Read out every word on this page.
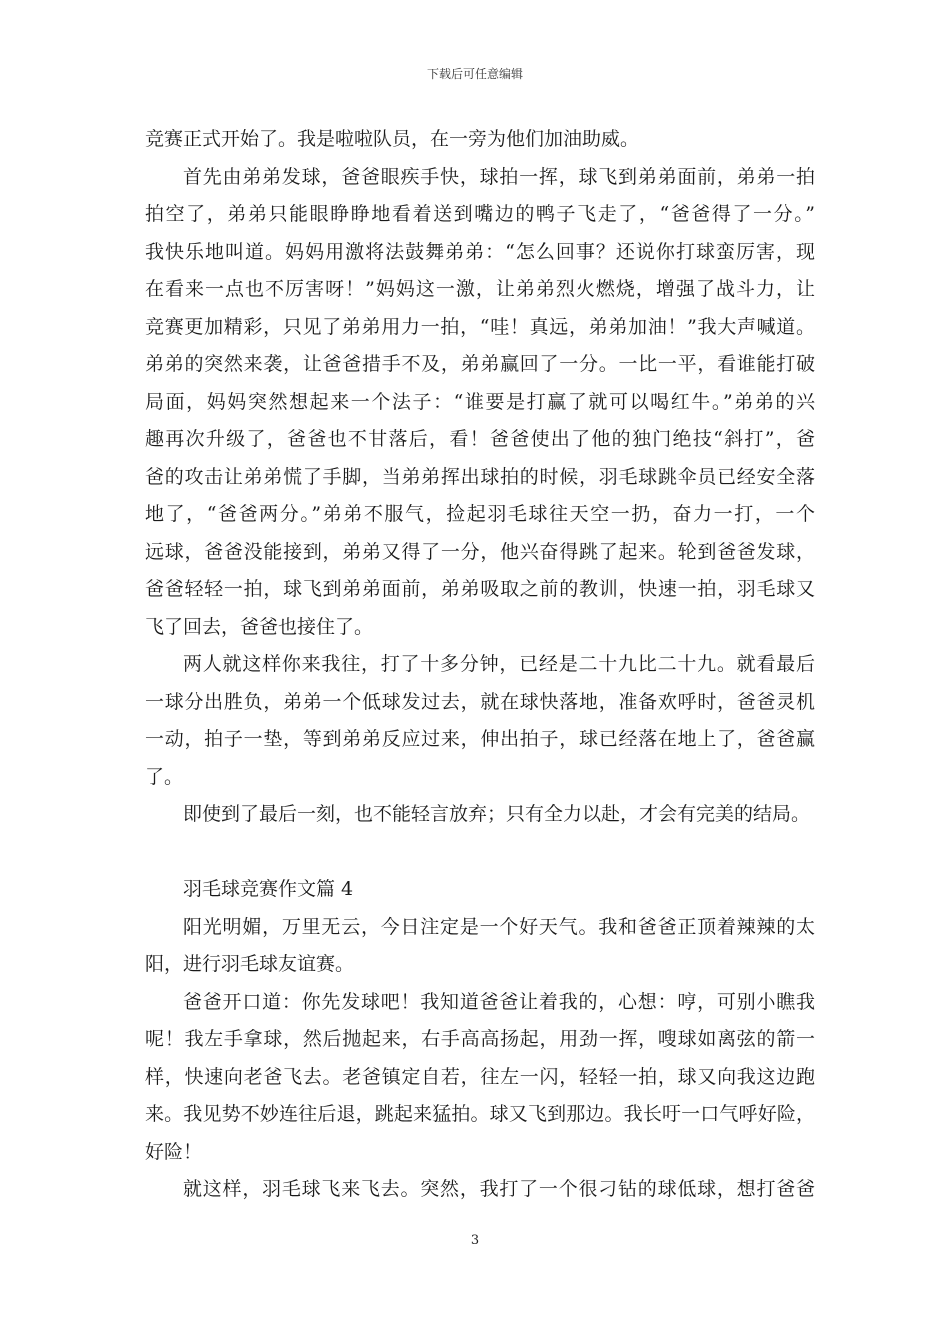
下载后可任意编辑
竞赛正式开始了。我是啦啦队员，在一旁为他们加油助威。
首先由弟弟发球，爸爸眼疾手快，球拍一挥，球飞到弟弟面前，弟弟一拍
拍空了，弟弟只能眼睁睁地看着送到嘴边的鸭子飞走了，“爸爸得了一分。”
我快乐地叫道。妈妈用激将法鼓舞弟弟：“怎么回事？还说你打球蛮厉害，现
在看来一点也不厉害呀！”妈妈这一激，让弟弟烈火燃烧，增强了战斗力，让
竞赛更加精彩，只见了弟弟用力一拍，“哇！真远，弟弟加油！”我大声喊道。
弟弟的突然来袭，让爸爸措手不及，弟弟赢回了一分。一比一平，看谁能打破
局面，妈妈突然想起来一个法子：“谁要是打赢了就可以喝红牛。”弟弟的兴
趣再次升级了，爸爸也不甘落后，看！爸爸使出了他的独门绝技“斜打”，爸
爸的攻击让弟弟慌了手脚，当弟弟挥出球拍的时候，羽毛球跳伞员已经安全落
地了，“爸爸两分。”弟弟不服气，捡起羽毛球往天空一扔，奋力一打，一个
远球，爸爸没能接到，弟弟又得了一分，他兴奋得跳了起来。轮到爸爸发球，
爸爸轻轻一拍，球飞到弟弟面前，弟弟吸取之前的教训，快速一拍，羽毛球又
飞了回去，爸爸也接住了。
两人就这样你来我往，打了十多分钟，已经是二十九比二十九。就看最后
一球分出胜负，弟弟一个低球发过去，就在球快落地，准备欢呼时，爸爸灵机
一动，拍子一垫，等到弟弟反应过来，伸出拍子，球已经落在地上了，爸爸赢
了。
即使到了最后一刻，也不能轻言放弃；只有全力以赴，才会有完美的结局。
羽毛球竞赛作文篇 4
阳光明媚，万里无云，今日注定是一个好天气。我和爸爸正顶着辣辣的太
阳，进行羽毛球友谊赛。
爸爸开口道：你先发球吧！我知道爸爸让着我的，心想：哼，可别小瞧我
呢！我左手拿球，然后抛起来，右手高高扬起，用劲一挥，嗖球如离弦的箭一
样，快速向老爸飞去。老爸镇定自若，往左一闪，轻轻一拍，球又向我这边跑
来。我见势不妙连往后退，跳起来猛拍。球又飞到那边。我长吁一口气呼好险，
好险！
就这样，羽毛球飞来飞去。突然，我打了一个很刁钻的球低球，想打爸爸
3
